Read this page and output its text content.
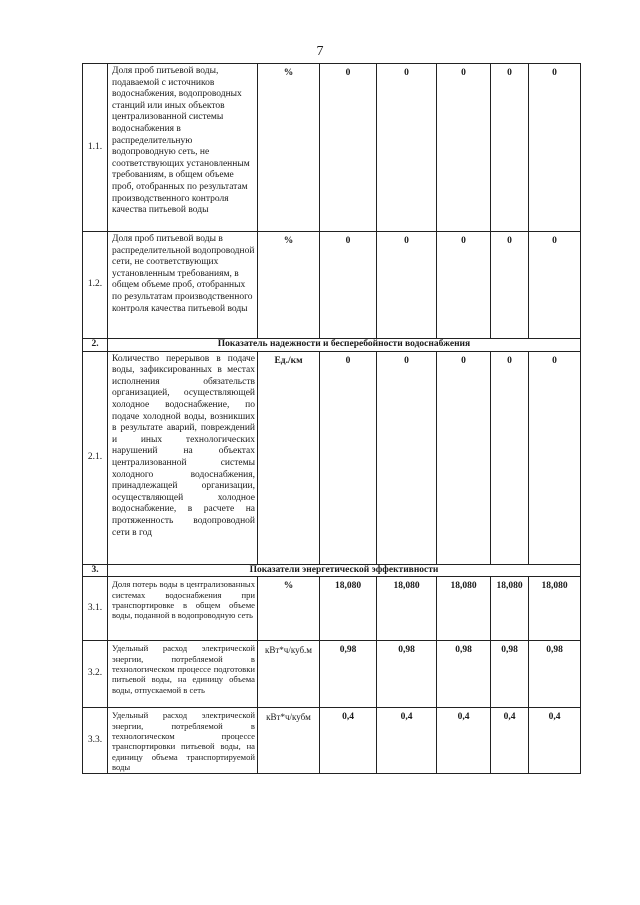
7
1.1.	Доля проб питьевой воды, подаваемой с источников водоснабжения, водопроводных станций или иных объектов централизованной системы водоснабжения в распределительную водопроводную сеть, не соответствующих установленным требованиям, в общем объеме проб, отобранных по результатам производственного контроля качества питьевой воды	%	0	0	0	0	0
1.2.	Доля проб питьевой воды в распределительной водопроводной сети, не соответствующих установленным требованиям, в общем объеме проб, отобранных по результатам производственного контроля качества питьевой воды	%	0	0	0	0	0
2.	Показатель надежности и бесперебойности водоснабжения						
2.1.	Количество перерывов в подаче воды, зафиксированных в местах исполнения обязательств организацией, осуществляющей холодное водоснабжение, по подаче холодной воды, возникших в результате аварий, повреждений и иных технологических нарушений на объектах централизованной системы холодного водоснабжения, принадлежащей организации, осуществляющей холодное водоснабжение, в расчете на протяженность водопроводной сети в год	Ед./км	0	0	0	0	0
3.	Показатели энергетической эффективности						
3.1.	Доля потерь воды в централизованных системах водоснабжения при транспортировке в общем объеме воды, поданной в водопроводную сеть	%	18,080	18,080	18,080	18,080	18,080
3.2.	Удельный расход электрической энергии, потребляемой в технологическом процессе подготовки питьевой воды, на единицу объема воды, отпускаемой в сеть	кВт*ч/куб.м	0,98	0,98	0,98	0,98	0,98
3.3.	Удельный расход электрической энергии, потребляемой в технологическом процессе транспортировки питьевой воды, на единицу объема транспортируемой воды	кВт*ч/кубм	0,4	0,4	0,4	0,4	0,4
